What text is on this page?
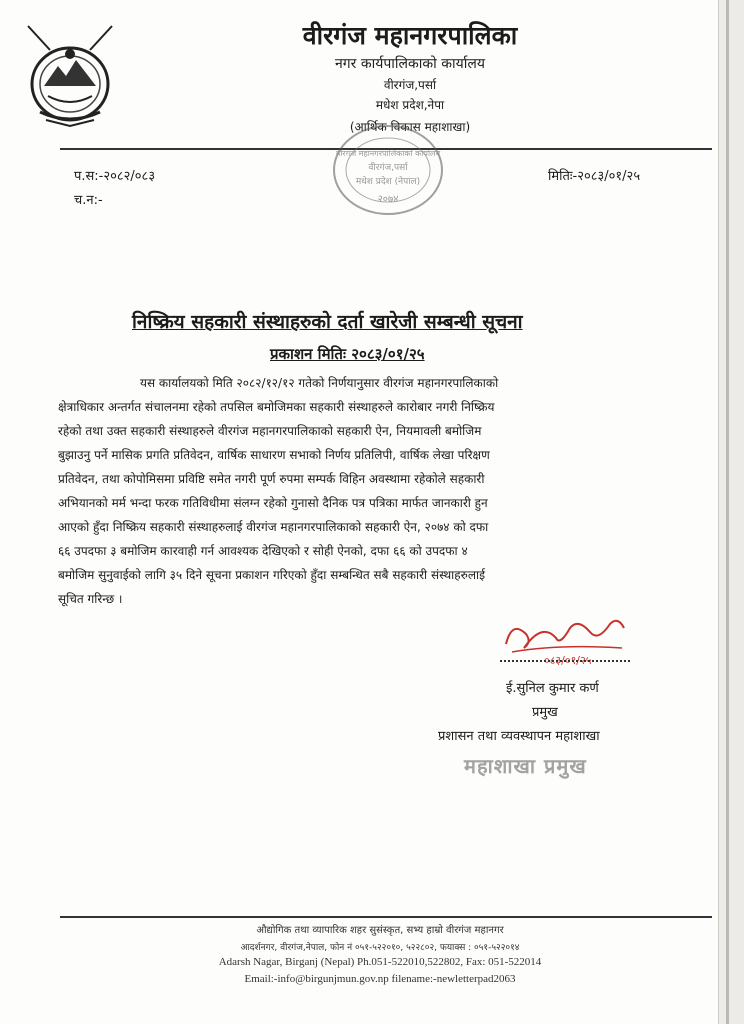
वीरगंज महानगरपालिका
नगर कार्यपालिकाको कार्यालय
वीरगंज,पर्सा
मधेश प्रदेश,नेपा
(आर्थिक विकास महाशाखा)
वीरगंज महानगरपालिकाको कार्यालय
वीरगंज,पर्सा
मधेश प्रदेश (नेपाल)
२०७४
प.स:-२०८२/०८३
च.न:-
मितिः-२०८३/०१/२५
निष्क्रिय सहकारी संस्थाहरुको दर्ता खारेजी सम्बन्धी सूचना
प्रकाशन मितिः २०८३/०१/२५
यस कार्यालयको मिति २०८२/१२/१२ गतेको निर्णयानुसार वीरगंज महानगरपालिकाको
क्षेत्राधिकार अन्तर्गत संचालनमा रहेको तपसिल बमोजिमका सहकारी संस्थाहरुले कारोबार नगरी निष्क्रिय
रहेको तथा उक्त सहकारी संस्थाहरुले वीरगंज महानगरपालिकाको सहकारी ऐन, नियमावली बमोजिम
बुझाउनु पर्ने मासिक प्रगति प्रतिवेदन, वार्षिक साधारण सभाको निर्णय प्रतिलिपी, वार्षिक लेखा परिक्षण
प्रतिवेदन, तथा कोपोमिसमा प्रविष्टि समेत नगरी पूर्ण रुपमा सम्पर्क विहिन अवस्थामा रहेकोले सहकारी
अभियानको मर्म भन्दा फरक गतिविधीमा संलग्न रहेको गुनासो दैनिक पत्र पत्रिका मार्फत जानकारी हुन
आएको हुँदा निष्क्रिय सहकारी संस्थाहरुलाई वीरगंज महानगरपालिकाको सहकारी ऐन, २०७४ को दफा
६६ उपदफा ३ बमोजिम कारवाही गर्न आवश्यक देखिएको र सोही ऐनको, दफा ६६ को उपदफा ४
बमोजिम सुनुवाईको लागि ३५ दिने सूचना प्रकाशन गरिएको हुँदा सम्बन्धित सबै सहकारी संस्थाहरुलाई
सूचित गरिन्छ ।
०८३/०१/२५
ई.सुनिल कुमार कर्ण
प्रमुख
प्रशासन तथा व्यवस्थापन महाशाखा
महाशाखा प्रमुख
औद्योगिक तथा व्यापारिक शहर सुसंस्कृत, सभ्य हाम्रो वीरगंज महानगर
आदर्शनगर, वीरगंज,नेपाल, फोन नं ०५१-५२२०१०, ५२२८०२, फयाक्स : ०५१-५२२०१४
Adarsh Nagar, Birganj (Nepal) Ph.051-522010,522802, Fax: 051-522014
Email:-info@birgunjmun.gov.np filename:-newletterpad2063
